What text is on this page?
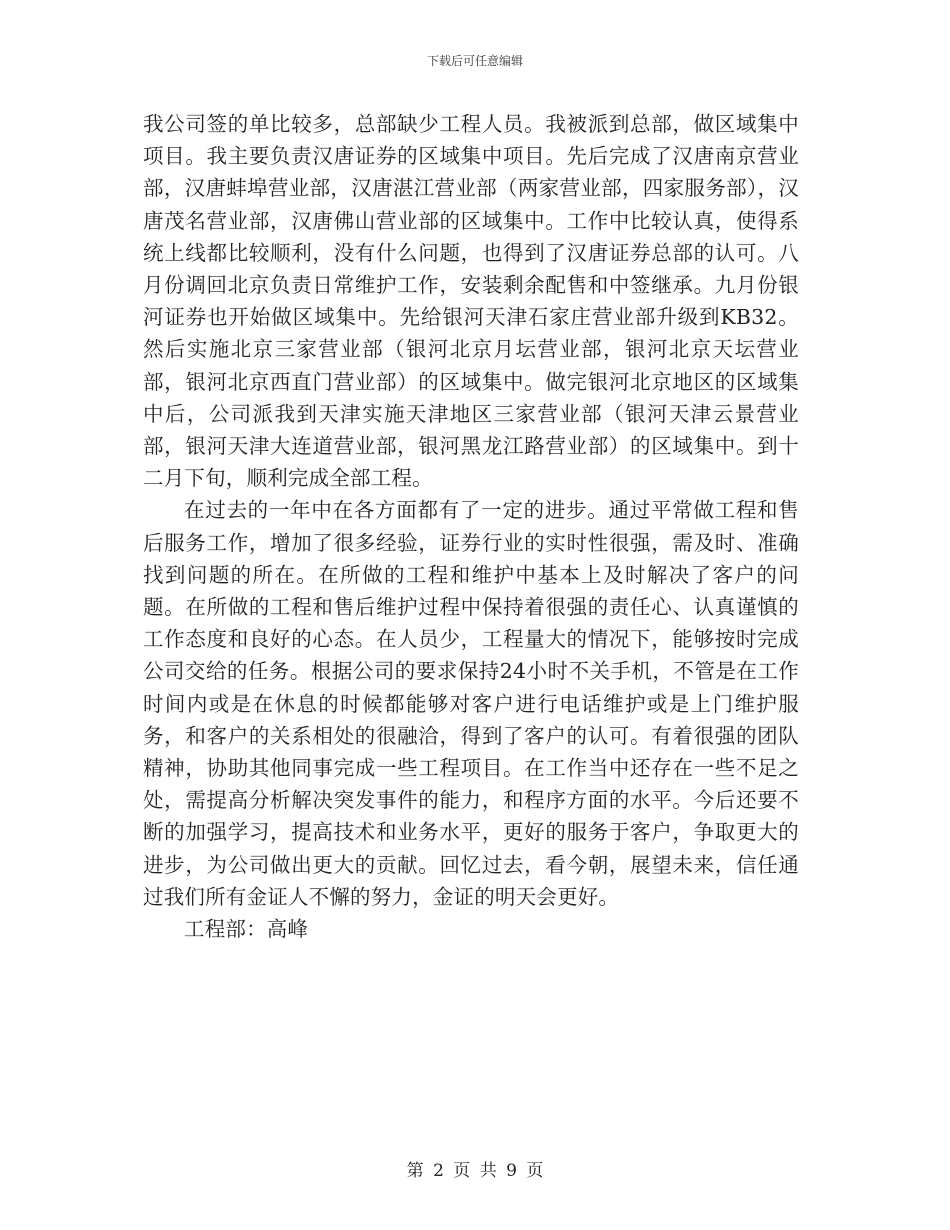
下载后可任意编辑

我公司签的单比较多，总部缺少工程人员。我被派到总部，做区域集中项目。我主要负责汉唐证券的区域集中项目。先后完成了汉唐南京营业部，汉唐蚌埠营业部，汉唐湛江营业部（两家营业部，四家服务部），汉唐茂名营业部，汉唐佛山营业部的区域集中。工作中比较认真，使得系统上线都比较顺利，没有什么问题，也得到了汉唐证券总部的认可。八月份调回北京负责日常维护工作，安装剩余配售和中签继承。九月份银河证券也开始做区域集中。先给银河天津石家庄营业部升级到KB32。然后实施北京三家营业部（银河北京月坛营业部，银河北京天坛营业部，银河北京西直门营业部）的区域集中。做完银河北京地区的区域集中后，公司派我到天津实施天津地区三家营业部（银河天津云景营业部，银河天津大连道营业部，银河黑龙江路营业部）的区域集中。到十二月下旬，顺利完成全部工程。

在过去的一年中在各方面都有了一定的进步。通过平常做工程和售后服务工作，增加了很多经验，证券行业的实时性很强，需及时、准确找到问题的所在。在所做的工程和维护中基本上及时解决了客户的问题。在所做的工程和售后维护过程中保持着很强的责任心、认真谨慎的工作态度和良好的心态。在人员少，工程量大的情况下，能够按时完成公司交给的任务。根据公司的要求保持24小时不关手机，不管是在工作时间内或是在休息的时候都能够对客户进行电话维护或是上门维护服务，和客户的关系相处的很融洽，得到了客户的认可。有着很强的团队精神，协助其他同事完成一些工程项目。在工作当中还存在一些不足之处，需提高分析解决突发事件的能力，和程序方面的水平。今后还要不断的加强学习，提高技术和业务水平，更好的服务于客户，争取更大的进步，为公司做出更大的贡献。回忆过去，看今朝，展望未来，信任通过我们所有金证人不懈的努力，金证的明天会更好。

工程部：高峰

第 2 页 共 9 页
